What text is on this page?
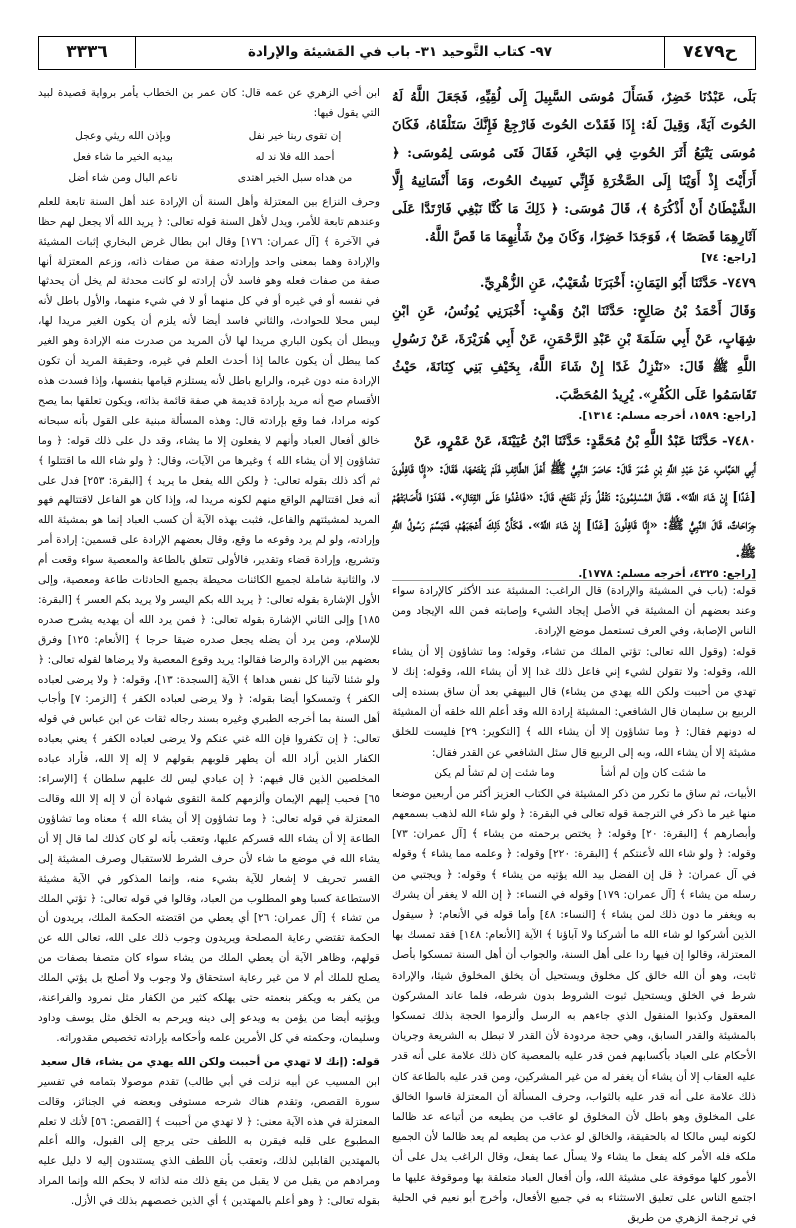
٣٣٣٦	٩٧- كتاب التَّوحيد ٣١- باب في المَشيئة والإرادة	ح٧٤٧٩

بَلَى، عَبْدُنَا خَضِرٌ، فَسَأَلَ مُوسَى السَّبِيلَ إِلَى لُقِيِّهِ، فَجَعَلَ اللَّهُ لَهُ الحُوتَ آيَةً، وَقِيلَ لَهُ: إِذَا فَقَدْتَ الحُوتَ فَارْجِعْ فَإِنَّكَ سَتَلْقَاهُ، فَكَانَ مُوسَى يَتْبَعُ أَثَرَ الحُوتِ فِي البَحْرِ، فَقَالَ فَتَى مُوسَى لِمُوسَى: ﴿ أَرَأَيْتَ إِذْ أَوَيْنَا إِلَى الصَّخْرَةِ فَإِنِّي نَسِيتُ الحُوتَ، وَمَا أَنْسَانِيهُ إِلَّا الشَّيْطَانُ أَنْ أَذْكُرَهُ ﴾، قَالَ مُوسَى: ﴿ ذَلِكَ مَا كُنَّا نَبْغِي فَارْتَدَّا عَلَى آثَارِهِمَا قَصَصًا ﴾، فَوَجَدَا خَضِرًا، وَكَانَ مِنْ شَأْنِهِمَا مَا قَصَّ اللَّهُ.

[راجع: ٧٤]

٧٤٧٩- حَدَّثَنَا أَبُو اليَمَانِ: أَخْبَرَنَا شُعَيْبٌ، عَنِ الزُّهْرِيِّ.

وَقَالَ أَحْمَدُ بْنُ صَالِحٍ: حَدَّثَنَا ابْنُ وَهْبٍ: أَخْبَرَنِي يُونُسُ، عَنِ ابْنِ شِهَابٍ، عَنْ أَبِي سَلَمَةَ بْنِ عَبْدِ الرَّحْمَنِ، عَنْ أَبِي هُرَيْرَةَ، عَنْ رَسُولِ اللَّهِ ﷺ قَالَ: «نَنْزِلُ غَدًا إِنْ شَاءَ اللَّهُ، بِخَيْفِ بَنِي كِنَانَةَ، حَيْثُ تَقَاسَمُوا عَلَى الكُفْرِ». يُرِيدُ المُحَصَّبَ.

[راجع: ١٥٨٩، أخرجه مسلم: ١٣١٤].

٧٤٨٠- حَدَّثَنَا عَبْدُ اللَّهِ بْنُ مُحَمَّدٍ: حَدَّثَنَا ابْنُ عُيَيْنَةَ، عَنْ عَمْرٍو، عَنْ

أَبِي العَبَّاسِ، عَنْ عَبْدِ اللَّهِ بْنِ عُمَرَ قَالَ: حَاصَرَ النَّبِيُّ ﷺ أَهْلَ الطَّائِفِ فَلَمْ يَفْتَحْهَا، فَقَالَ: «إِنَّا قَافِلُونَ [غَدًا] إِنْ شَاءَ اللَّهُ». فَقَالَ المُسْلِمُونَ: نَقْفُلُ وَلَمْ نَفْتَحْ، قَالَ: «فَاغْدُوا عَلَى القِتَالِ». فَغَدَوْا فَأَصَابَتْهُمْ جِرَاحَاتٌ، قَالَ النَّبِيُّ ﷺ: «إِنَّا قَافِلُونَ [غَدًا] إِنْ شَاءَ اللَّهُ». فَكَأَنَّ ذَلِكَ أَعْجَبَهُمْ، فَتَبَسَّمَ رَسُولُ اللَّهِ ﷺ.

[راجع: ٤٣٢٥، أخرجه مسلم: ١٧٧٨].

قوله: (باب في المشيئة والإرادة) قال الراغب: المشيئة عند الأكثر كالإرادة سواء وعند بعضهم أن المشيئة في الأصل إيجاد الشيء وإصابته فمن الله الإيجاد ومن الناس الإصابة، وفي العرف تستعمل موضع الإرادة.

قوله: (وقول الله تعالى: تؤتي الملك من تشاء، وقوله: وما تشاؤون إلا أن يشاء الله، وقوله: ولا تقولن لشيء إني فاعل ذلك غدا إلا أن يشاء الله، وقوله: إنك لا تهدي من أحببت ولكن الله يهدي من يشاء) قال البيهقي بعد أن ساق بسنده إلى الربيع بن سليمان قال الشافعي: المشيئة إرادة الله وقد أعلم الله خلقه أن المشيئة له دونهم فقال: ﴿ وما تشاؤون إلا أن يشاء الله ﴾ [التكوير: ٢٩] فليست للخلق مشيئة إلا أن يشاء الله، وبه إلى الربيع قال سئل الشافعي عن القدر فقال:

ما شئت كان وإن لم أشأ
وما شئت إن لم تشأ لم يكن

الأبيات، ثم ساق ما تكرر من ذكر المشيئة في الكتاب العزيز أكثر من أربعين موضعا منها غير ما ذكر في الترجمة قوله تعالى في البقرة: ﴿ ولو شاء الله لذهب بسمعهم وأبصارهم ﴾ [البقرة: ٢٠] وقوله: ﴿ يختص برحمته من يشاء ﴾ [آل عمران: ٧٣] وقوله: ﴿ ولو شاء الله لأعنتكم ﴾ [البقرة: ٢٢٠] وقوله: ﴿ وعلمه مما يشاء ﴾ وقوله في آل عمران: ﴿ قل إن الفضل بيد الله يؤتيه من يشاء ﴾ وقوله: ﴿ ويجتبي من رسله من يشاء ﴾ [آل عمران: ١٧٩] وقوله في النساء: ﴿ إن الله لا يغفر أن يشرك به ويغفر ما دون ذلك لمن يشاء ﴾ [النساء: ٤٨] وأما قوله في الأنعام: ﴿ سيقول الذين أشركوا لو شاء الله ما أشركنا ولا آباؤنا ﴾ الآية [الأنعام: ١٤٨] فقد تمسك بها المعتزلة، وقالوا إن فيها ردا على أهل السنة، والجواب أن أهل السنة تمسكوا بأصل ثابت، وهو أن الله خالق كل مخلوق ويستحيل أن يخلق المخلوق شيئا، والإرادة شرط في الخلق ويستحيل ثبوت الشروط بدون شرطه، فلما عاند المشركون المعقول وكذبوا المنقول الذي جاءهم به الرسل وألزموا الحجة بذلك تمسكوا بالمشيئة والقدر السابق، وهي حجة مردودة لأن القدر لا تبطل به الشريعة وجريان الأحكام على العباد بأكسابهم فمن قدر عليه بالمعصية كان ذلك علامة على أنه قدر عليه العقاب إلا أن يشاء أن يغفر له من غير المشركين، ومن قدر عليه بالطاعة كان ذلك علامة على أنه قدر عليه بالثواب، وحرف المسألة أن المعتزلة قاسوا الخالق على المخلوق وهو باطل لأن المخلوق لو عاقب من يطيعه من أتباعه عد ظالما لكونه ليس مالكا له بالحقيقة، والخالق لو عذب من يطيعه لم يعد ظالما لأن الجميع ملكه فله الأمر كله يفعل ما يشاء ولا يسأل عما يفعل، وقال الراغب يدل على أن الأمور كلها موقوفة على مشيئة الله، وأن أفعال العباد متعلقة بها وموقوفة عليها ما اجتمع الناس على تعليق الاستثناء به في جميع الأفعال، وأخرج أبو نعيم في الحلية في ترجمة الزهري من طريق

ابن أخي الزهري عن عمه قال: كان عمر بن الخطاب يأمر برواية قصيدة لبيد التي يقول فيها:

إن تقوى ربنا خير نفل
وبإذن الله ريثي وعجل
أحمد الله فلا ند له
بيديه الخير ما شاء فعل
من هداه سبل الخير اهتدى
ناعم البال ومن شاء أضل

وحرف النزاع بين المعتزلة وأهل السنة أن الإرادة عند أهل السنة تابعة للعلم وعندهم تابعة للأمر، ويدل لأهل السنة قوله تعالى: ﴿ يريد الله ألا يجعل لهم حظا في الآخرة ﴾ [آل عمران: ١٧٦] وقال ابن بطال غرض البخاري إثبات المشيئة والإرادة وهما بمعنى واحد وإرادته صفة من صفات ذاته، وزعم المعتزلة أنها صفة من صفات فعله وهو فاسد لأن إرادته لو كانت محدثة لم يخل أن يحدثها في نفسه أو في غيره أو في كل منهما أو لا في شيء منهما، والأول باطل لأنه ليس محلا للحوادث، والثاني فاسد أيضا لأنه يلزم أن يكون الغير مريدا لها، ويبطل أن يكون الباري مريدا لها لأن المريد من صدرت منه الإرادة وهو الغير كما يبطل أن يكون عالما إذا أحدث العلم في غيره، وحقيقة المريد أن تكون الإرادة منه دون غيره، والرابع باطل لأنه يستلزم قيامها بنفسها، وإذا فسدت هذه الأقسام صح أنه مريد بإرادة قديمة هي صفة قائمة بذاته، ويكون تعلقها بما يصح كونه مرادا، فما وقع بإرادته قال: وهذه المسألة مبنية على القول بأنه سبحانه خالق أفعال العباد وأنهم لا يفعلون إلا ما يشاء، وقد دل على ذلك قوله: ﴿ وما تشاؤون إلا أن يشاء الله ﴾ وغيرها من الآيات، وقال: ﴿ ولو شاء الله ما اقتتلوا ﴾ ثم أكد ذلك بقوله تعالى: ﴿ ولكن الله يفعل ما يريد ﴾ [البقرة: ٢٥٣] فدل على أنه فعل اقتتالهم الواقع منهم لكونه مريدا له، وإذا كان هو الفاعل لاقتتالهم فهو المريد لمشيئتهم والفاعل، فثبت بهذه الآية أن كسب العباد إنما هو بمشيئة الله وإرادته، ولو لم يرد وقوعه ما وقع، وقال بعضهم الإرادة على قسمين: إرادة أمر وتشريع، وإرادة قضاء وتقدير، فالأولى تتعلق بالطاعة والمعصية سواء وقعت أم لا، والثانية شاملة لجميع الكائنات محيطة بجميع الحادثات طاعة ومعصية، وإلى الأول الإشارة بقوله تعالى: ﴿ يريد الله بكم اليسر ولا يريد بكم العسر ﴾ [البقرة: ١٨٥] وإلى الثاني الإشارة بقوله تعالى: ﴿ فمن يرد الله أن يهديه يشرح صدره للإسلام، ومن يرد أن يضله يجعل صدره ضيقا حرجا ﴾ [الأنعام: ١٢٥] وفرق بعضهم بين الإرادة والرضا فقالوا: يريد وقوع المعصية ولا يرضاها لقوله تعالى: ﴿ ولو شئنا لآتينا كل نفس هداها ﴾ الآية [السجدة: ١٣]، وقوله: ﴿ ولا يرضى لعباده الكفر ﴾ وتمسكوا أيضا بقوله: ﴿ ولا يرضى لعباده الكفر ﴾ [الزمر: ٧] وأجاب أهل السنة بما أخرجه الطبري وغيره بسند رجاله ثقات عن ابن عباس في قوله تعالى: ﴿ إن تكفروا فإن الله غني عنكم ولا يرضى لعباده الكفر ﴾ يعني بعباده الكفار الذين أراد الله أن يطهر قلوبهم بقولهم لا إله إلا الله، فأراد عباده المخلصين الذين قال فيهم: ﴿ إن عبادي ليس لك عليهم سلطان ﴾ [الإسراء: ٦٥] فحبب إليهم الإيمان وألزمهم كلمة التقوى شهادة أن لا إله إلا الله وقالت المعتزلة في قوله تعالى: ﴿ وما تشاؤون إلا أن يشاء الله ﴾ معناه وما تشاؤون الطاعة إلا أن يشاء الله قسركم عليها، وتعقب بأنه لو كان كذلك لما قال إلا أن يشاء الله في موضع ما شاء لأن حرف الشرط للاستقبال وصرف المشيئة إلى القسر تحريف لا إشعار للآية بشيء منه، وإنما المذكور في الآية مشيئة الاستطاعة كسبا وهو المطلوب من العباد، وقالوا في قوله تعالى: ﴿ تؤتي الملك من تشاء ﴾ [آل عمران: ٢٦] أي يعطي من اقتضته الحكمة الملك، يريدون أن الحكمة تقتضي رعاية المصلحة ويريدون وجوب ذلك على الله، تعالى الله عن قولهم، وظاهر الآية أن يعطي الملك من يشاء سواء كان متصفا بصفات من يصلح للملك أم لا من غير رعاية استحقاق ولا وجوب ولا أصلح بل يؤتي الملك من يكفر به ويكفر بنعمته حتى يهلكه كثير من الكفار مثل نمرود والفراعنة، ويؤتيه أيضا من يؤمن به ويدعو إلى دينه ويرحم به الخلق مثل يوسف وداود وسليمان، وحكمته في كل الأمرين علمه وأحكامه بإرادته تخصيص مقدوراته.

قوله: (إنك لا تهدي من أحببت ولكن الله يهدي من يشاء، قال سعيد

ابن المسيب عن أبيه نزلت في أبي طالب) تقدم موصولا بتمامه في تفسير سورة القصص، وتقدم هناك شرحه مستوفى وبعضه في الجنائز، وقالت المعتزلة في هذه الآية معنى: ﴿ لا تهدي من أحببت ﴾ [القصص: ٥٦] لأنك لا تعلم المطبوع على قلبه فيقرن به اللطف حتى يرجع إلى القبول، والله أعلم بالمهتدين القابلين لذلك، وتعقب بأن اللطف الذي يستندون إليه لا دليل عليه ومرادهم من يقبل من لا يقبل من يقع ذلك منه لذاته لا بحكم الله وإنما المراد بقوله تعالى: ﴿ وهو أعلم بالمهتدين ﴾ أي الذين خصصهم بذلك في الأزل.
